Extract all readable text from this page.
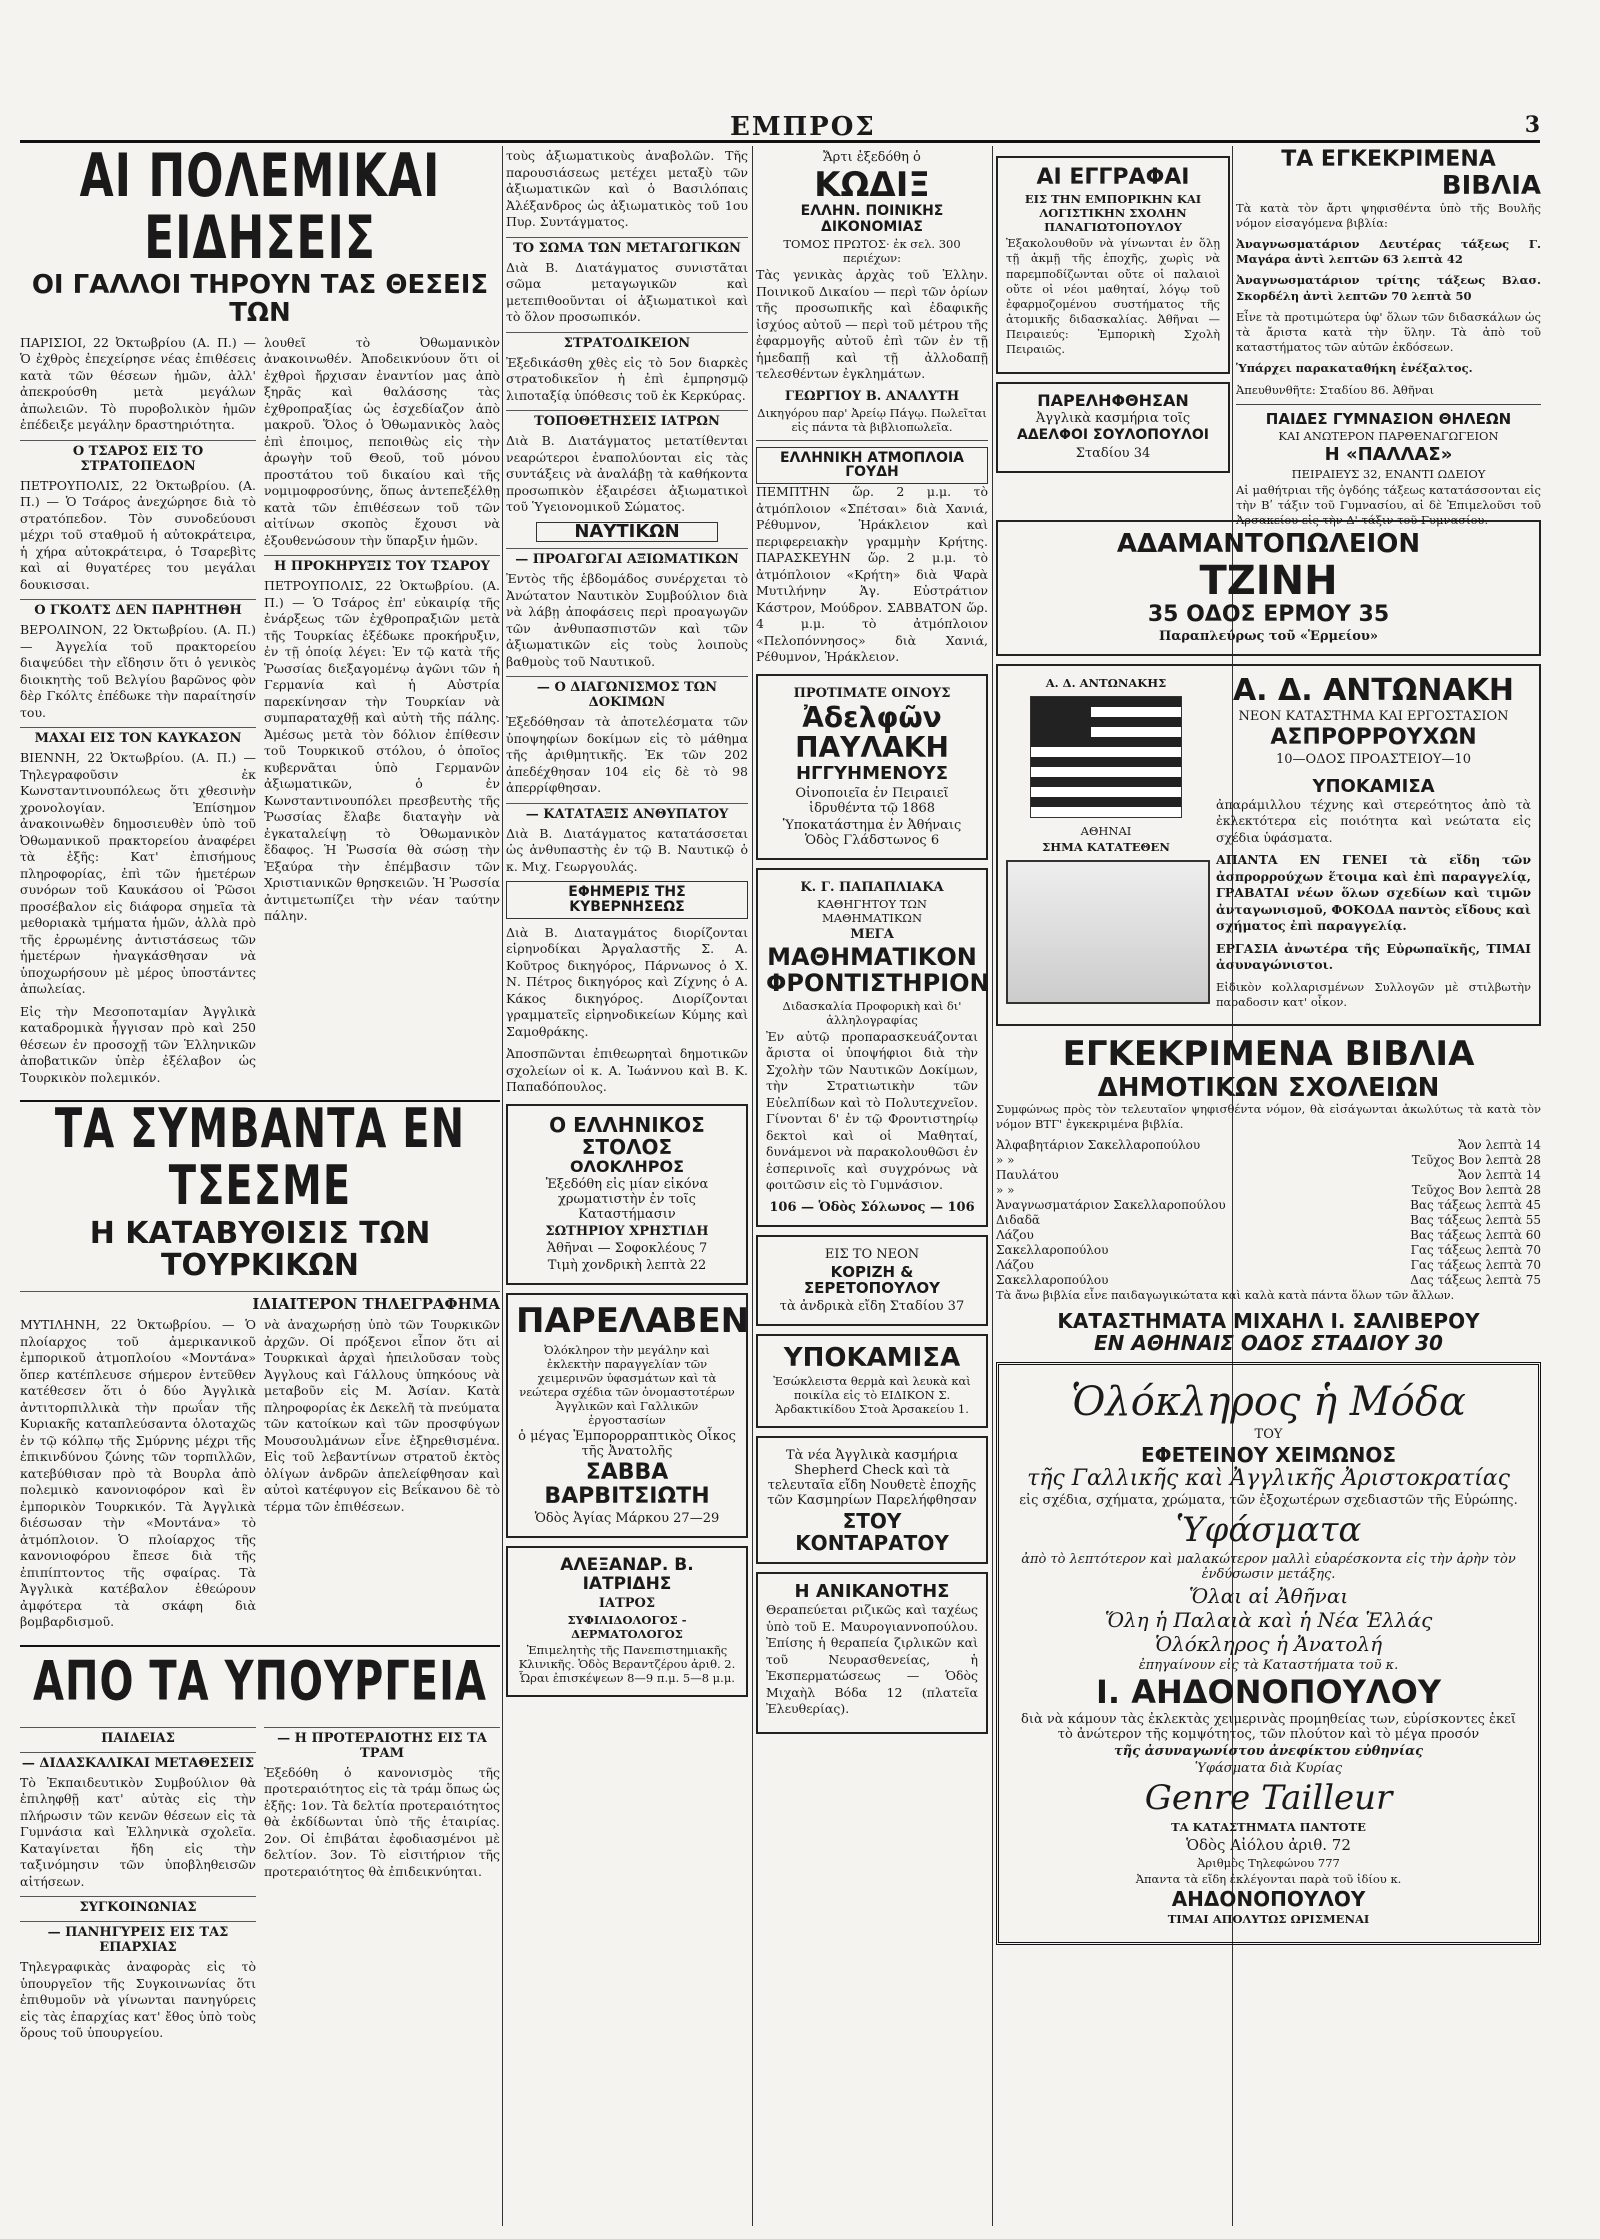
ΕΜΠΡΟΣ	3
ΑΙ ΠΟΛΕΜΙΚΑΙ ΕΙΔΗΣΕΙΣ
ΟΙ ΓΑΛΛΟΙ ΤΗΡΟΥΝ ΤΑΣ ΘΕΣΕΙΣ ΤΩΝ

ΠΑΡΙΣΙΟΙ, 22 Ὀκτωβρίου (Α. Π.) — Ὁ ἐχθρὸς ἐπεχείρησε νέας ἐπιθέσεις κατὰ τῶν θέσεων ἡμῶν, ἀλλ' ἀπεκρούσθη μετὰ μεγάλων ἀπωλειῶν. Τὸ πυροβολικὸν ἡμῶν ἐπέδειξε μεγάλην δραστηριότητα.

Ο ΤΣΑΡΟΣ ΕΙΣ ΤΟ ΣΤΡΑΤΟΠΕΔΟΝ

ΠΕΤΡΟΥΠΟΛΙΣ, 22 Ὀκτωβρίου. (Α. Π.) — Ὁ Τσάρος ἀνεχώρησε διὰ τὸ στρατόπεδον. Τὸν συνοδεύουσι μέχρι τοῦ σταθμοῦ ἡ αὐτοκράτειρα, ἡ χήρα αὐτοκράτειρα, ὁ Τσαρεβὶτς καὶ αἱ θυγατέρες του μεγάλαι δουκισσαι.

Ο ΓΚΟΛΤΣ ΔΕΝ ΠΑΡΗΤΗΘΗ

ΒΕΡΟΛΙΝΟΝ, 22 Ὀκτωβρίου. (Α. Π.) — Ἀγγελία τοῦ πρακτορείου διαψεύδει τὴν εἴδησιν ὅτι ὁ γενικὸς διοικητὴς τοῦ Βελγίου βαρῶνος φὸν δὲρ Γκόλτς ἐπέδωκε τὴν παραίτησίν του.

ΜΑΧΑΙ ΕΙΣ ΤΟΝ ΚΑΥΚΑΣΟΝ

ΒΙΕΝΝΗ, 22 Ὀκτωβρίου. (Α. Π.) — Τηλεγραφοῦσιν ἐκ Κωνσταντινουπόλεως ὅτι χθεσινὴν χρονολογίαν. Ἐπίσημον ἀνακοινωθὲν δημοσιευθὲν ὑπὸ τοῦ Ὀθωμανικοῦ πρακτορείου ἀναφέρει τὰ ἑξῆς: Κατ' ἐπισήμους πληροφορίας, ἐπὶ τῶν ἡμετέρων συνόρων τοῦ Καυκάσου οἱ Ῥῶσοι προσέβαλον εἰς διάφορα σημεῖα τὰ μεθοριακὰ τμήματα ἡμῶν, ἀλλὰ πρὸ τῆς ἐρρωμένης ἀντιστάσεως τῶν ἡμετέρων ἠναγκάσθησαν νὰ ὑποχωρήσουν μὲ μέρος ὑποστάντες ἀπωλείας.

Εἰς τὴν Μεσοποταμίαν Ἀγγλικὰ καταδρομικὰ ἦγγισαν πρὸ καὶ 250 θέσεων ἐν προσοχῇ τῶν Ἑλληνικῶν ἀποβατικῶν ὑπὲρ ἐξέλαβον ὡς Τουρκικὸν πολεμικόν.

λουθεῖ τὸ Ὀθωμανικὸν ἀνακοινωθέν. Ἀποδεικνύουν ὅτι οἱ ἐχθροὶ ἤρχισαν ἐναντίον μας ἀπὸ ξηρᾶς καὶ θαλάσσης τὰς ἐχθροπραξίας ὡς ἐσχεδίαζον ἀπὸ μακροῦ. Ὅλος ὁ Ὀθωμανικὸς λαὸς ἐπὶ ἐποιμος, πεποιθὼς εἰς τὴν ἀρωγὴν τοῦ Θεοῦ, τοῦ μόνου προστάτου τοῦ δικαίου καὶ τῆς νομιμοφροσύνης, ὅπως ἀντεπεξέλθῃ κατὰ τῶν ἐπιθέσεων τοῦ τῶν αἰτίνων σκοπὸς ἔχουσι νὰ ἐξουθενώσουν τὴν ὕπαρξιν ἡμῶν.

Η ΠΡΟΚΗΡΥΞΙΣ ΤΟΥ ΤΣΑΡΟΥ

ΠΕΤΡΟΥΠΟΛΙΣ, 22 Ὀκτωβρίου. (Α. Π.) — Ὁ Τσάρος ἐπ' εὐκαιρίᾳ τῆς ἐνάρξεως τῶν ἐχθροπραξιῶν μετὰ τῆς Τουρκίας ἐξέδωκε προκήρυξιν, ἐν τῇ ὁποίᾳ λέγει: Ἐν τῷ κατὰ τῆς Ῥωσσίας διεξαγομένῳ ἀγῶνι τῶν ἡ Γερμανία καὶ ἡ Αὐστρία παρεκίνησαν τὴν Τουρκίαν νὰ συμπαραταχθῇ καὶ αὐτὴ τῆς πάλης. Ἀμέσως μετὰ τὸν δόλιον ἐπίθεσιν τοῦ Τουρκικοῦ στόλου, ὁ ὁποῖος κυβερνᾶται ὑπὸ Γερμανῶν ἀξιωματικῶν, ὁ ἐν Κωνσταντινουπόλει πρεσβευτὴς τῆς Ῥωσσίας ἔλαβε διαταγὴν νὰ ἐγκαταλείψῃ τὸ Ὀθωμανικὸν ἔδαφος. Ἡ Ῥωσσία θὰ σώσῃ τὴν Ἐξαύρα τὴν ἐπέμβασιν τῶν Χριστιανικῶν θρησκειῶν. Ἡ Ῥωσσία ἀντιμετωπίζει τὴν νέαν ταύτην πάλην.

ΤΑ ΣΥΜΒΑΝΤΑ ΕΝ ΤΣΕΣΜΕ
Η ΚΑΤΑΒΥΘΙΣΙΣ ΤΩΝ ΤΟΥΡΚΙΚΩΝ
ΙΔΙΑΙΤΕΡΟΝ ΤΗΛΕΓΡΑΦΗΜΑ

ΜΥΤΙΛΗΝΗ, 22 Ὀκτωβρίου. — Ὁ πλοίαρχος τοῦ ἀμερικανικοῦ ἐμπορικοῦ ἀτμοπλοίου «Μοντάνα» ὅπερ κατέπλευσε σήμερον ἐντεῦθεν κατέθεσεν ὅτι ὁ δύο Ἀγγλικὰ ἀντιτορπιλλικὰ τὴν πρωΐαν τῆς Κυριακῆς καταπλεύσαντα ὁλοταχῶς ἐν τῷ κόλπῳ τῆς Σμύρνης μέχρι τῆς ἐπικινδύνου ζώνης τῶν τορπιλλῶν, κατεβύθισαν πρὸ τὰ Βουρλα ἀπὸ πολεμικὸ κανονιοφόρον καὶ ἓν ἐμπορικὸν Τουρκικόν. Τὰ Ἀγγλικὰ διέσωσαν τὴν «Μοντάνα» τὸ ἀτμόπλοιον. Ὁ πλοίαρχος τῆς κανονιοφόρου ἔπεσε διὰ τῆς ἐπιπίπτοντος τῆς σφαίρας. Τὰ Ἀγγλικὰ κατέβαλον ἐθεώρουν ἀμφότερα τὰ σκάφη διὰ βομβαρδισμοῦ.

νὰ ἀναχωρήσῃ ὑπὸ τῶν Τουρκικῶν ἀρχῶν. Οἱ πρόξενοι εἶπον ὅτι αἱ Τουρκικαὶ ἀρχαὶ ἠπειλοῦσαν τοὺς Ἀγγλους καὶ Γάλλους ὑπηκόους νὰ μεταβοῦν εἰς Μ. Ἀσίαν. Κατὰ πληροφορίας ἐκ Δεκελῆ τὰ πνεύματα τῶν κατοίκων καὶ τῶν προσφύγων Μουσουλμάνων εἶνε ἐξηρεθισμένα. Εἰς τοῦ λεβαντίνων στρατοῦ ἐκτὸς ὀλίγων ἀνδρῶν ἀπελείφθησαν καὶ αὐτοὶ κατέφυγον εἰς Βεΐκανου δὲ τὸ τέρμα τῶν ἐπιθέσεων.

ΑΠΟ ΤΑ ΥΠΟΥΡΓΕΙΑ
ΠΑΙΔΕΙΑΣ
— ΔΙΔΑΣΚΑΛΙΚΑΙ ΜΕΤΑΘΕΣΕΙΣ

Τὸ Ἐκπαιδευτικὸν Συμβούλιον θὰ ἐπιληφθῇ κατ' αὐτὰς εἰς τὴν πλήρωσιν τῶν κενῶν θέσεων εἰς τὰ Γυμνάσια καὶ Ἑλληνικὰ σχολεῖα. Καταγίνεται ἤδη εἰς τὴν ταξινόμησιν τῶν ὑποβληθεισῶν αἰτήσεων.

ΣΥΓΚΟΙΝΩΝΙΑΣ
— ΠΑΝΗΓΥΡΕΙΣ ΕΙΣ ΤΑΣ ΕΠΑΡΧΙΑΣ

Τηλεγραφικὰς ἀναφορὰς εἰς τὸ ὑπουργεῖον τῆς Συγκοινωνίας ὅτι ἐπιθυμοῦν νὰ γίνωνται πανηγύρεις εἰς τὰς ἐπαρχίας κατ' ἔθος ὑπὸ τοὺς ὅρους τοῦ ὑπουργείου.

— Η ΠΡΟΤΕΡΑΙΟΤΗΣ ΕΙΣ ΤΑ ΤΡΑΜ

Ἐξεδόθη ὁ κανονισμὸς τῆς προτεραιότητος εἰς τὰ τράμ ὅπως ὡς ἑξῆς: 1ον. Τὰ δελτία προτεραιότητος θὰ ἐκδίδωνται ὑπὸ τῆς ἑταιρίας. 2ον. Οἱ ἐπιβάται ἐφοδιασμένοι μὲ δελτίον. 3ον. Τὸ εἰσιτήριον τῆς προτεραιότητος θὰ ἐπιδεικνύηται.

τοὺς ἀξιωματικοὺς ἀναβολῶν. Τῆς παρουσιάσεως μετέχει μεταξὺ τῶν ἀξιωματικῶν καὶ ὁ Βασιλόπαις Ἀλέξανδρος ὡς ἀξιωματικὸς τοῦ 1ου Πυρ. Συντάγματος.

ΤΟ ΣΩΜΑ ΤΩΝ ΜΕΤΑΓΩΓΙΚΩΝ

Διὰ Β. Διατάγματος συνιστᾶται σῶμα μεταγωγικῶν καὶ μετεπιθοοῦνται οἱ ἀξιωματικοὶ καὶ τὸ ὅλον προσωπικόν.

ΣΤΡΑΤΟΔΙΚΕΙΟΝ

Ἐξεδικάσθη χθὲς εἰς τὸ 5ον διαρκὲς στρατοδικεῖον ἡ ἐπὶ ἐμπρησμῷ λιποταξίᾳ ὑπόθεσις τοῦ ἐκ Κερκύρας.

ΤΟΠΟΘΕΤΗΣΕΙΣ ΙΑΤΡΩΝ

Διὰ Β. Διατάγματος μετατίθενται νεαρώτεροι ἐναπολύονται εἰς τὰς συντάξεις νὰ ἀναλάβῃ τὰ καθήκοντα προσωπικὸν ἐξαιρέσει ἀξιωματικοὶ τοῦ Ὑγειονομικοῦ Σώματος.

ΝΑΥΤΙΚΩΝ
— ΠΡΟΑΓΩΓΑΙ ΑΞΙΩΜΑΤΙΚΩΝ

Ἐντὸς τῆς ἑβδομάδος συνέρχεται τὸ Ἀνώτατον Ναυτικὸν Συμβούλιον διὰ νὰ λάβῃ ἀποφάσεις περὶ προαγωγῶν τῶν ἀνθυπασπιστῶν καὶ τῶν ἀξιωματικῶν εἰς τοὺς λοιποὺς βαθμοὺς τοῦ Ναυτικοῦ.

— Ο ΔΙΑΓΩΝΙΣΜΟΣ ΤΩΝ ΔΟΚΙΜΩΝ

Ἐξεδόθησαν τὰ ἀποτελέσματα τῶν ὑποψηφίων δοκίμων εἰς τὸ μάθημα τῆς ἀριθμητικῆς. Ἐκ τῶν 202 ἀπεδέχθησαν 104 εἰς δὲ τὸ 98 ἀπερρίφθησαν.

— ΚΑΤΑΤΑΞΙΣ ΑΝΘΥΠΑΤΟΥ

Διὰ Β. Διατάγματος κατατάσσεται ὡς ἀνθυπαστὴς ἐν τῷ Β. Ναυτικῷ ὁ κ. Μιχ. Γεωργουλάς.

ΕΦΗΜΕΡΙΣ ΤΗΣ ΚΥΒΕΡΝΗΣΕΩΣ

Διὰ Β. Διαταγμάτος διορίζονται εἰρηνοδίκαι Ἀργαλαστῆς Σ. Α. Κοῦτρος δικηγόρος, Πάρνωνος ὁ Χ. Ν. Πέτρος δικηγόρος καὶ Ζίχνης ὁ Α. Κάκος δικηγόρος. Διορίζονται γραμματεῖς εἰρηνοδικείων Κύμης καὶ Σαμοθράκης.

Ἀποσπῶνται ἐπιθεωρηταὶ δημοτικῶν σχολείων οἱ κ. Α. Ἰωάννου καὶ Β. Κ. Παπαδόπουλος.

Ο ΕΛΛΗΝΙΚΟΣ ΣΤΟΛΟΣ
ΟΛΟΚΛΗΡΟΣ
Ἐξεδόθη εἰς μίαν εἰκόνα χρωματιστὴν ἐν τοῖς Καταστήμασιν
ΣΩΤΗΡΙΟΥ ΧΡΗΣΤΙΔΗ
Ἀθῆναι — Σοφοκλέους 7
Τιμὴ χονδρικὴ λεπτὰ 22
ΠΑΡΕΛΑΒΕΝ
Ὀλόκληρον τὴν μεγάλην καὶ ἐκλεκτὴν παραγγελίαν τῶν χειμερινῶν ὑφασμάτων καὶ τὰ νεώτερα σχέδια τῶν ὀνομαστοτέρων Ἀγγλικῶν καὶ Γαλλικῶν ἐργοστασίων
ὁ μέγας Ἐμπορορραπτικὸς Οἶκος τῆς Ἀνατολῆς
ΣΑΒΒΑ ΒΑΡΒΙΤΣΙΩΤΗ
Ὁδὸς Ἀγίας Μάρκου 27—29
ΑΛΕΞΑΝΔΡ. Β. ΙΑΤΡΙΔΗΣ
ΙΑΤΡΟΣ
ΣΥΦΙΛΙΔΟΛΟΓΟΣ - ΔΕΡΜΑΤΟΛΟΓΟΣ
Ἐπιμελητὴς τῆς Πανεπιστημιακῆς Κλινικῆς. Ὁδὸς Βεραντζέρου ἀριθ. 2. Ὧραι ἐπισκέψεων 8—9 π.μ. 5—8 μ.μ.
Ἄρτι ἐξεδόθη ὁ
ΚΩΔΙΞ
ΕΛΛΗΝ. ΠΟΙΝΙΚΗΣ ΔΙΚΟΝΟΜΙΑΣ
ΤΟΜΟΣ ΠΡΩΤΟΣ· ἐκ σελ. 300 περιέχων:

Τὰς γενικὰς ἀρχὰς τοῦ Ἑλλην. Ποινικοῦ Δικαίου — περὶ τῶν ὁρίων τῆς προσωπικῆς καὶ ἐδαφικῆς ἰσχύος αὐτοῦ — περὶ τοῦ μέτρου τῆς ἐφαρμογῆς αὐτοῦ ἐπὶ τῶν ἐν τῇ ἡμεδαπῇ καὶ τῇ ἀλλοδαπῇ τελεσθέντων ἐγκλημάτων.

ΓΕΩΡΓΙΟΥ Β. ΑΝΑΛΥΤΗ
Δικηγόρου παρ' Ἀρείῳ Πάγῳ. Πωλεῖται εἰς πάντα τὰ βιβλιοπωλεῖα.
ΕΛΛΗΝΙΚΗ ΑΤΜΟΠΛΟΙΑ ΓΟΥΔΗ

ΠΕΜΠΤΗΝ ὥρ. 2 μ.μ. τὸ ἀτμόπλοιον «Σπέτσαι» διὰ Χανιά, Ρέθυμνον, Ἡράκλειον καὶ περιφερειακὴν γραμμὴν Κρήτης. ΠΑΡΑΣΚΕΥΗΝ ὥρ. 2 μ.μ. τὸ ἀτμόπλοιον «Κρήτη» διὰ Ψαρὰ Μυτιλήνην Ἁγ. Εὐστράτιον Κάστρον, Μούδρον. ΣΑΒΒΑΤΟΝ ὥρ. 4 μ.μ. τὸ ἀτμόπλοιον «Πελοπόννησος» διὰ Χανιά, Ρέθυμνον, Ἡράκλειον.

ΠΡΟΤΙΜΑΤΕ ΟΙΝΟΥΣ
Ἀδελφῶν ΠΑΥΛΑΚΗ
ΗΓΓΥΗΜΕΝΟΥΣ
Οἰνοποιεῖα ἐν Πειραιεῖ ἱδρυθέντα τῷ 1868
Ὑποκατάστημα ἐν Ἀθήναις Ὁδὸς Γλάδστωνος 6
Κ. Γ. ΠΑΠΑΠΛΙΑΚΑ
ΚΑΘΗΓΗΤΟΥ ΤΩΝ ΜΑΘΗΜΑΤΙΚΩΝ
ΜΕΓΑ
ΜΑΘΗΜΑΤΙΚΟΝ ΦΡΟΝΤΙΣΤΗΡΙΟΝ
Διδασκαλία Προφορικὴ καὶ δι' ἀλληλογραφίας

Ἐν αὐτῷ προπαρασκευάζονται ἄριστα οἱ ὑποψήφιοι διὰ τὴν Σχολὴν τῶν Ναυτικῶν Δοκίμων, τὴν Στρατιωτικὴν τῶν Εὐελπίδων καὶ τὸ Πολυτεχνεῖον. Γίνονται δ' ἐν τῷ Φροντιστηρίῳ δεκτοὶ καὶ οἱ Μαθηταί, δυνάμενοι νὰ παρακολουθῶσι ἐν ἑσπερινοῖς καὶ συγχρόνως νὰ φοιτῶσιν εἰς τὸ Γυμνάσιον.

106 — Ὁδὸς Σόλωνος — 106
ΕΙΣ ΤΟ ΝΕΟΝ
ΚΟΡΙΖΗ & ΣΕΡΕΤΟΠΟΥΛΟΥ
τὰ ἀνδρικὰ εἴδη Σταδίου 37
ΥΠΟΚΑΜΙΣΑ
Ἐσώκλειστα θερμὰ καὶ λευκὰ καὶ ποικίλα εἰς τὸ ΕΙΔΙΚΟΝ Σ. Ἀρδακτικίδου Στοὰ Ἀρσακείου 1.
Τὰ νέα Ἀγγλικὰ κασμήρια Shepherd Check καὶ τὰ τελευταῖα εἴδη Νουθετὲ ἐποχῆς τῶν Κασμηρίων Παρελήφθησαν
ΣΤΟΥ ΚΟΝΤΑΡΑΤΟΥ
Η ΑΝΙΚΑΝΟΤΗΣ

Θεραπεύεται ριζικῶς καὶ ταχέως ὑπὸ τοῦ Ε. Μαυρογιαννοπούλου. Ἐπίσης ἡ θεραπεία ζιρλικῶν καὶ τοῦ Νευρασθενείας, ἡ Ἐκσπερματώσεως — Ὁδὸς Μιχαὴλ Βόδα 12 (πλατεῖα Ἐλευθερίας).

ΑΙ ΕΓΓΡΑΦΑΙ
ΕΙΣ ΤΗΝ ΕΜΠΟΡΙΚΗΝ ΚΑΙ ΛΟΓΙΣΤΙΚΗΝ ΣΧΟΛΗΝ ΠΑΝΑΓΙΩΤΟΠΟΥΛΟΥ

Ἐξακολουθοῦν νὰ γίνωνται ἐν ὅλῃ τῇ ἀκμῇ τῆς ἐποχῆς, χωρὶς νὰ παρεμποδίζωνται οὔτε οἱ παλαιοὶ οὔτε οἱ νέοι μαθηταί, λόγῳ τοῦ ἐφαρμοζομένου συστήματος τῆς ἀτομικῆς διδασκαλίας. Ἀθῆναι — Πειραιεύς: Ἐμπορικὴ Σχολὴ Πειραιῶς.

ΠΑΡΕΛΗΦΘΗΣΑΝ
Ἀγγλικὰ κασμήρια τοῖς
ΑΔΕΛΦΟΙ ΣΟΥΛΟΠΟΥΛΟΙ
Σταδίου 34
ΑΔΑΜΑΝΤΟΠΩΛΕΙΟΝ
ΤΖΙΝΗ
35 ΟΔΟΣ ΕΡΜΟΥ 35
Παραπλεύρως τοῦ «Ἑρμείου»
Α. Δ. ΑΝΤΩΝΑΚΗΣ
ΑΘΗΝΑΙ
ΣΗΜΑ ΚΑΤΑΤΕΘΕΝ
Α. Δ. ΑΝΤΩΝΑΚΗ
ΝΕΟΝ ΚΑΤΑΣΤΗΜΑ ΚΑΙ ΕΡΓΟΣΤΑΣΙΟΝ
ΑΣΠΡΟΡΡΟΥΧΩΝ
10—ΟΔΟΣ ΠΡΟΑΣΤΕΙΟΥ—10
ΥΠΟΚΑΜΙΣΑ

ἀπαράμιλλου τέχνης καὶ στερεότητος ἀπὸ τὰ ἐκλεκτότερα εἰς ποιότητα καὶ νεώτατα εἰς σχέδια ὑφάσματα.

ΑΠΑΝΤΑ ΕΝ ΓΕΝΕΙ τὰ εἴδη τῶν ἀσπρορρούχων ἕτοιμα καὶ ἐπὶ παραγγελίᾳ, ΓΡΑΒΑΤΑΙ νέων ὅλων σχεδίων καὶ τιμῶν ἀνταγωνισμοῦ, ΦΟΚΟΔΑ παντὸς εἴδους καὶ σχήματος ἐπὶ παραγγελίᾳ.

ΕΡΓΑΣΙΑ ἀνωτέρα τῆς Εὐρωπαϊκῆς, ΤΙΜΑΙ ἀσυναγώνιστοι.

Εἰδικὸν κολλαρισμένων Συλλογῶν μὲ στιλβωτὴν παραδοσιν κατ' οἶκον.

ΕΓΚΕΚΡΙΜΕΝΑ ΒΙΒΛΙΑ
ΔΗΜΟΤΙΚΩΝ ΣΧΟΛΕΙΩΝ

Συμφώνως πρὸς τὸν τελευταῖον ψηφισθέντα νόμον, θὰ εἰσάγωνται ἀκωλύτως τὰ κατὰ τὸν νόμον ΒΤΓ' ἐγκεκριμένα βιβλία.

Ἀλφαβητάριον Σακελλαροπούλου	Ἄον λεπτὰ 14
» »	Τεῦχος Βον λεπτὰ 28
Παυλάτου	Ἄον λεπτὰ 14
» »	Τεῦχος Βον λεπτὰ 28
Ἀναγνωσματάριον Σακελλαροπούλου	Βας τάξεως λεπτὰ 45
Διδαδᾶ	Βας τάξεως λεπτὰ 55
Λάζου	Βας τάξεως λεπτὰ 60
Σακελλαροπούλου	Γας τάξεως λεπτὰ 70
Λάζου	Γας τάξεως λεπτὰ 70
Σακελλαροπούλου	Δας τάξεως λεπτὰ 75

Τὰ ἄνω βιβλία εἶνε παιδαγωγικώτατα καὶ καλὰ κατὰ πάντα ὅλων τῶν ἄλλων.

ΚΑΤΑΣΤΗΜΑΤΑ ΜΙΧΑΗΛ Ι. ΣΑΛΙΒΕΡΟΥ
ΕΝ ΑΘΗΝΑΙΣ ΟΔΟΣ ΣΤΑΔΙΟΥ 30
Ὁλόκληρος ἡ Μόδα
ΤΟΥ
ΕΦΕΤΕΙΝΟΥ ΧΕΙΜΩΝΟΣ
τῆς Γαλλικῆς καὶ Ἀγγλικῆς Ἀριστοκρατίας
εἰς σχέδια, σχήματα, χρώματα, τῶν ἐξοχωτέρων σχεδιαστῶν τῆς Εὐρώπης.
Ὑφάσματα
ἀπὸ τὸ λεπτότερον καὶ μαλακώτερον μαλλὶ εὐαρέσκοντα εἰς τὴν ἀρὴν τὸν ἐνδύσωσιν μετάξης.
Ὅλαι αἱ Ἀθῆναι
Ὅλη ἡ Παλαιὰ καὶ ἡ Νέα Ἑλλάς
Ὁλόκληρος ἡ Ἀνατολή
ἐπηγαίνουν εἰς τὰ Καταστήματα τοῦ κ.
Ι. ΑΗΔΟΝΟΠΟΥΛΟΥ
διὰ νὰ κάμουν τὰς ἐκλεκτὰς χειμερινὰς προμηθείας των, εὑρίσκοντες ἐκεῖ τὸ ἀνώτερον τῆς κομψότητος, τῶν πλούτον καὶ τὸ μέγα προσόν
τῆς ἀσυναγωνίστου ἀνεφίκτου εὐθηνίας
Ὑφάσματα διὰ Κυρίας
Genre Tailleur
ΤΑ ΚΑΤΑΣΤΗΜΑΤΑ ΠΑΝΤΟΤΕ
Ὁδὸς Αἰόλου ἀριθ. 72
Ἀριθμὸς Τηλεφώνου 777
Ἀπαντα τὰ εἴδη ἐκλέγονται παρὰ τοῦ ἰδίου κ.
ΑΗΔΟΝΟΠΟΥΛΟΥ
ΤΙΜΑΙ ΑΠΟΛΥΤΩΣ ΩΡΙΣΜΕΝΑΙ
ΤΑ ΕΓΚΕΚΡΙΜΕΝΑ
ΒΙΒΛΙΑ

Τὰ κατὰ τὸν ἄρτι ψηφισθέντα ὑπὸ τῆς Βουλῆς νόμον εἰσαγόμενα βιβλία:

Ἀναγνωσματάριον Δευτέρας τάξεως Γ. Μαγάρα ἀντὶ λεπτῶν 63 λεπτὰ 42

Ἀναγνωσματάριον τρίτης τάξεως Βλασ. Σκορδέλη ἀντὶ λεπτῶν 70 λεπτὰ 50

Εἶνε τὰ προτιμώτερα ὑφ' ὅλων τῶν διδασκάλων ὡς τὰ ἄριστα κατὰ τὴν ὕλην. Τὰ ἀπὸ τοῦ καταστήματος τῶν αὐτῶν ἐκδόσεων.

Ὑπάρχει παρακαταθήκη ἐνέξαλτος.

Ἀπευθυνθῆτε: Σταδίου 86. Ἀθῆναι

ΠΑΙΔΕΣ ΓΥΜΝΑΣΙΟΝ ΘΗΛΕΩΝ
ΚΑΙ ΑΝΩΤΕΡΟΝ ΠΑΡΘΕΝΑΓΩΓΕΙΟΝ
Η «ΠΑΛΛΑΣ»
ΠΕΙΡΑΙΕΥΣ 32, ΕΝΑΝΤΙ ΩΔΕΙΟΥ

Αἱ μαθήτριαι τῆς ὀγδόης τάξεως κατατάσσονται εἰς τὴν Βʹ τάξιν τοῦ Γυμνασίου, αἱ δὲ Ἐπιμελοῦσι τοῦ Ἀρσακείου εἰς τὴν Δ' τάξιν τοῦ Γυμνασίου.
